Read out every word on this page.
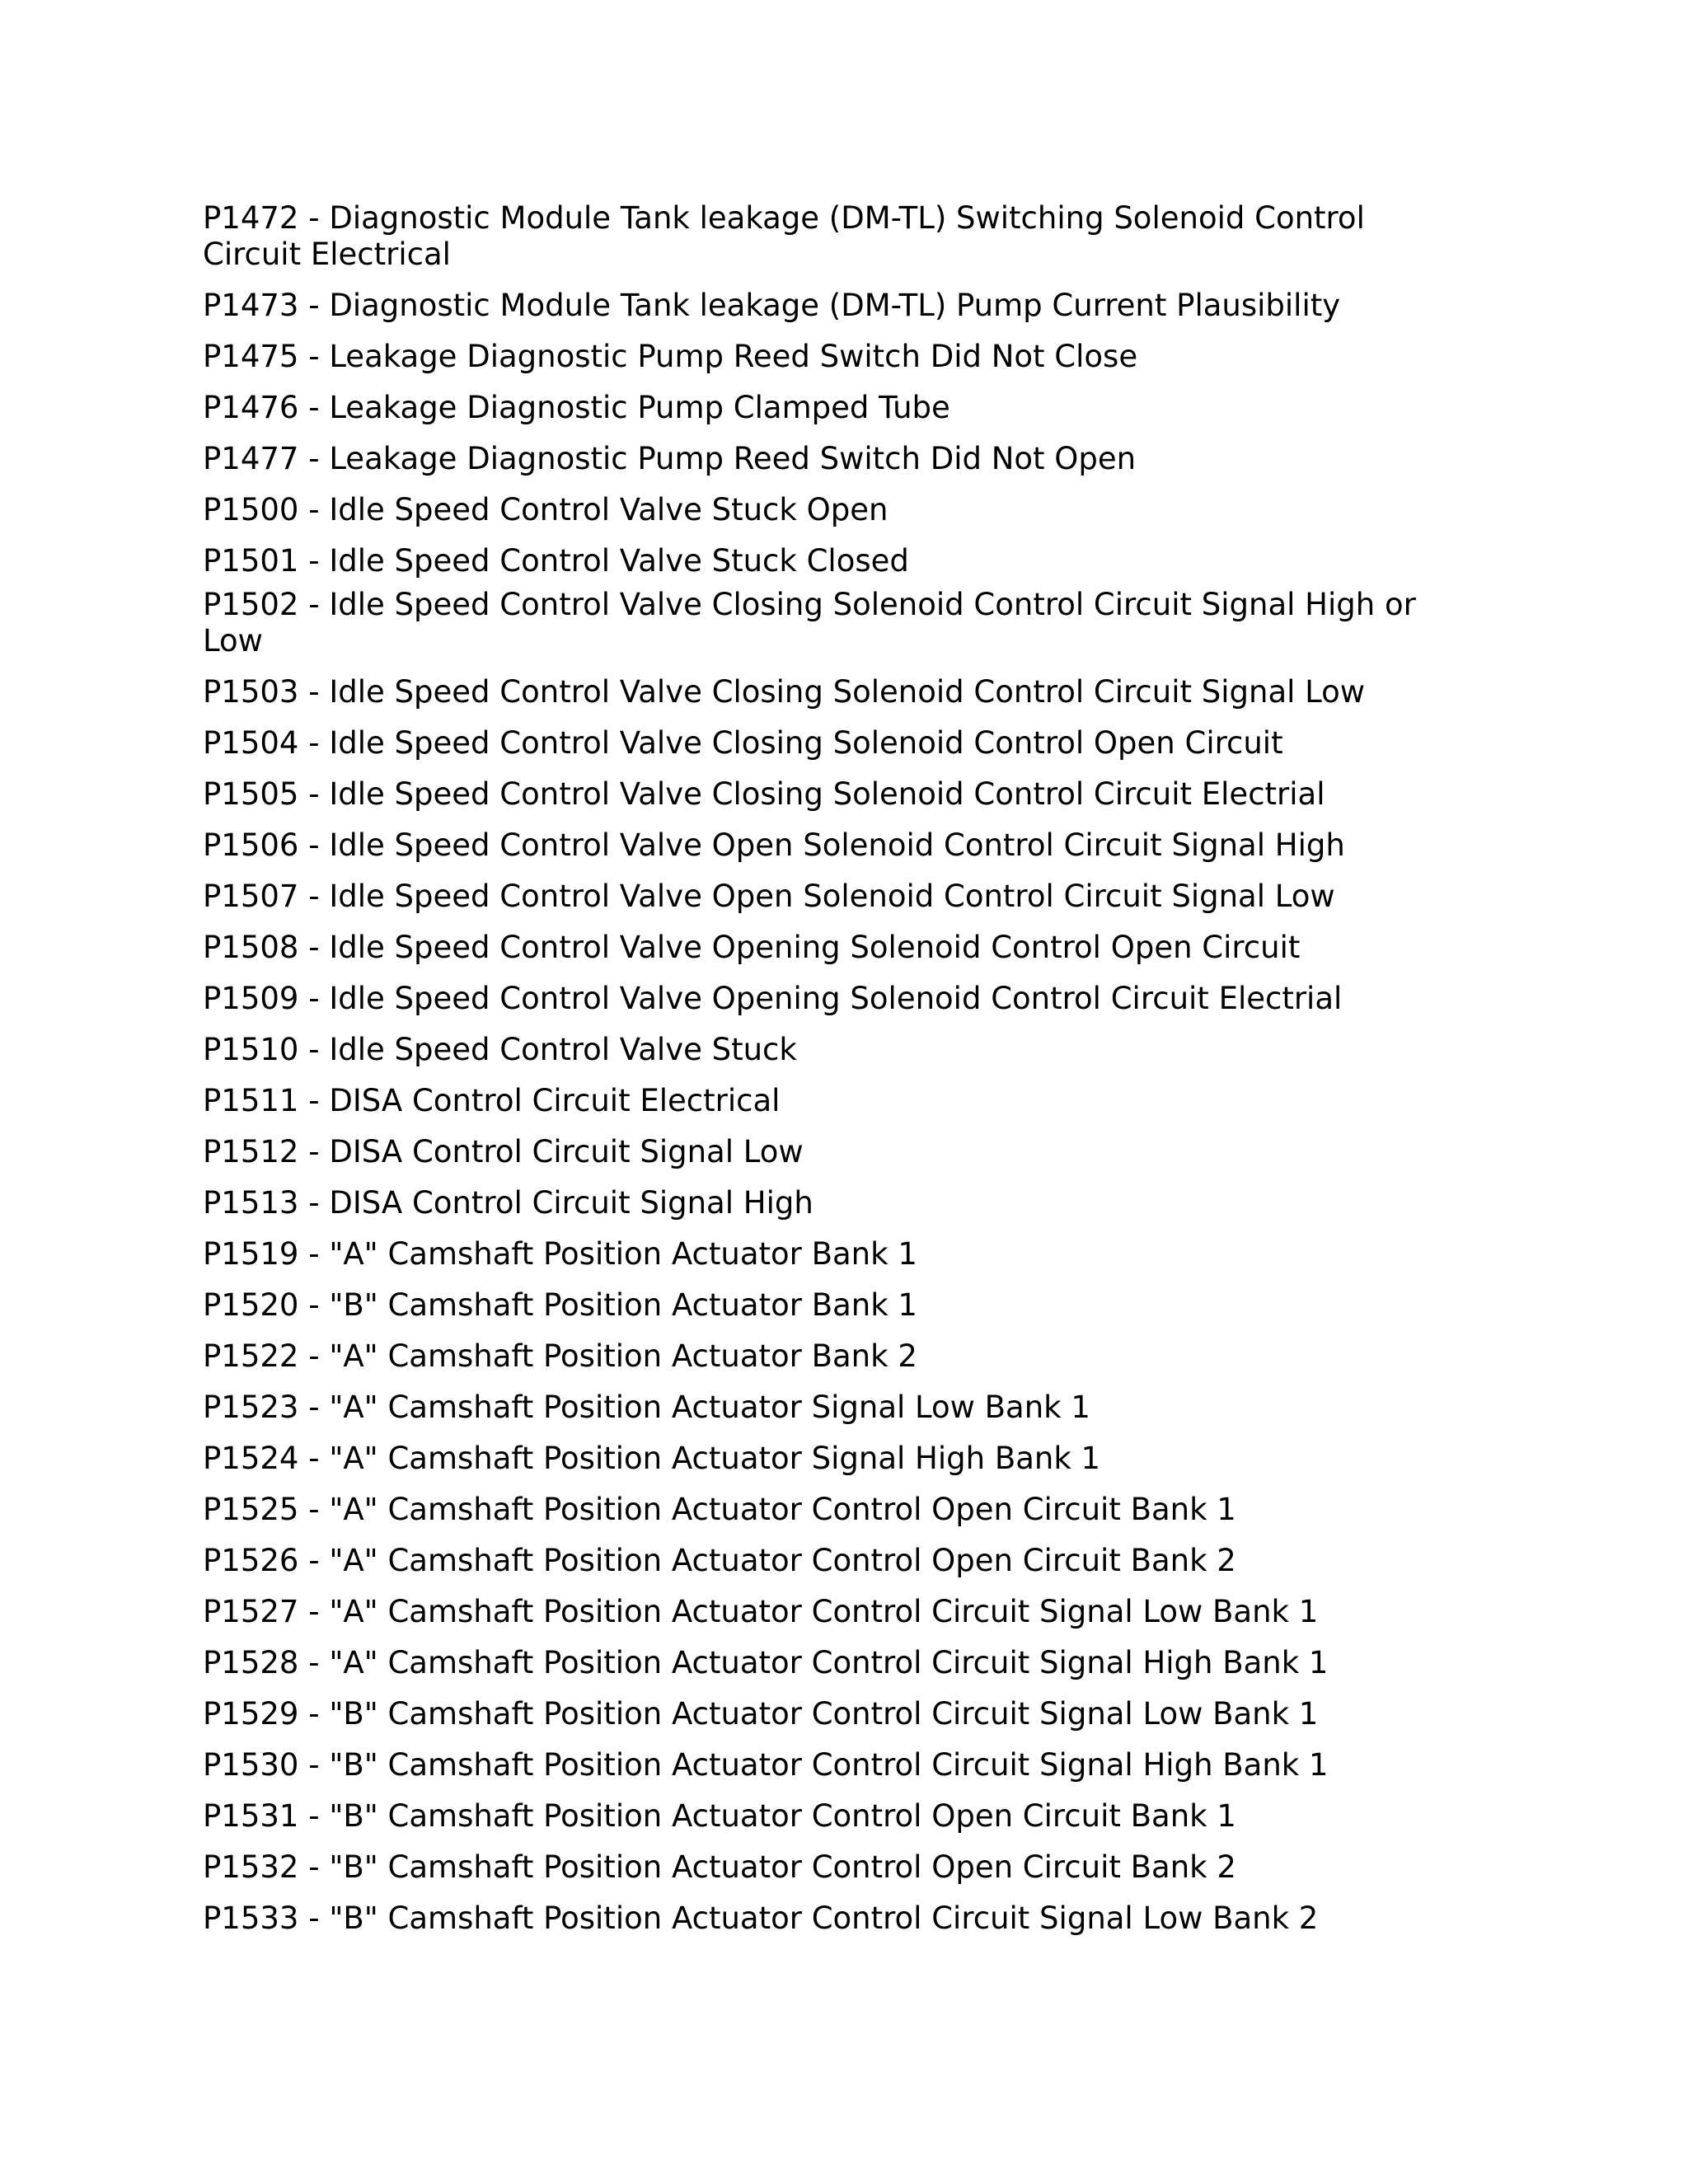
P1472 - Diagnostic Module Tank leakage (DM-TL) Switching Solenoid Control Circuit Electrical
P1473 - Diagnostic Module Tank leakage (DM-TL) Pump Current Plausibility
P1475 - Leakage Diagnostic Pump Reed Switch Did Not Close
P1476 - Leakage Diagnostic Pump Clamped Tube
P1477 - Leakage Diagnostic Pump Reed Switch Did Not Open
P1500 - Idle Speed Control Valve Stuck Open
P1501 - Idle Speed Control Valve Stuck Closed
P1502 - Idle Speed Control Valve Closing Solenoid Control Circuit Signal High or Low
P1503 - Idle Speed Control Valve Closing Solenoid Control Circuit Signal Low
P1504 - Idle Speed Control Valve Closing Solenoid Control Open Circuit
P1505 - Idle Speed Control Valve Closing Solenoid Control Circuit Electrial
P1506 - Idle Speed Control Valve Open Solenoid Control Circuit Signal High
P1507 - Idle Speed Control Valve Open Solenoid Control Circuit Signal Low
P1508 - Idle Speed Control Valve Opening Solenoid Control Open Circuit
P1509 - Idle Speed Control Valve Opening Solenoid Control Circuit Electrial
P1510 - Idle Speed Control Valve Stuck
P1511 - DISA Control Circuit Electrical
P1512 - DISA Control Circuit Signal Low
P1513 - DISA Control Circuit Signal High
P1519 - "A" Camshaft Position Actuator Bank 1
P1520 - "B" Camshaft Position Actuator Bank 1
P1522 - "A" Camshaft Position Actuator Bank 2
P1523 - "A" Camshaft Position Actuator Signal Low Bank 1
P1524 - "A" Camshaft Position Actuator Signal High Bank 1
P1525 - "A" Camshaft Position Actuator Control Open Circuit Bank 1
P1526 - "A" Camshaft Position Actuator Control Open Circuit Bank 2
P1527 - "A" Camshaft Position Actuator Control Circuit Signal Low Bank 1
P1528 - "A" Camshaft Position Actuator Control Circuit Signal High Bank 1
P1529 - "B" Camshaft Position Actuator Control Circuit Signal Low Bank 1
P1530 - "B" Camshaft Position Actuator Control Circuit Signal High Bank 1
P1531 - "B" Camshaft Position Actuator Control Open Circuit Bank 1
P1532 - "B" Camshaft Position Actuator Control Open Circuit Bank 2
P1533 - "B" Camshaft Position Actuator Control Circuit Signal Low Bank 2
